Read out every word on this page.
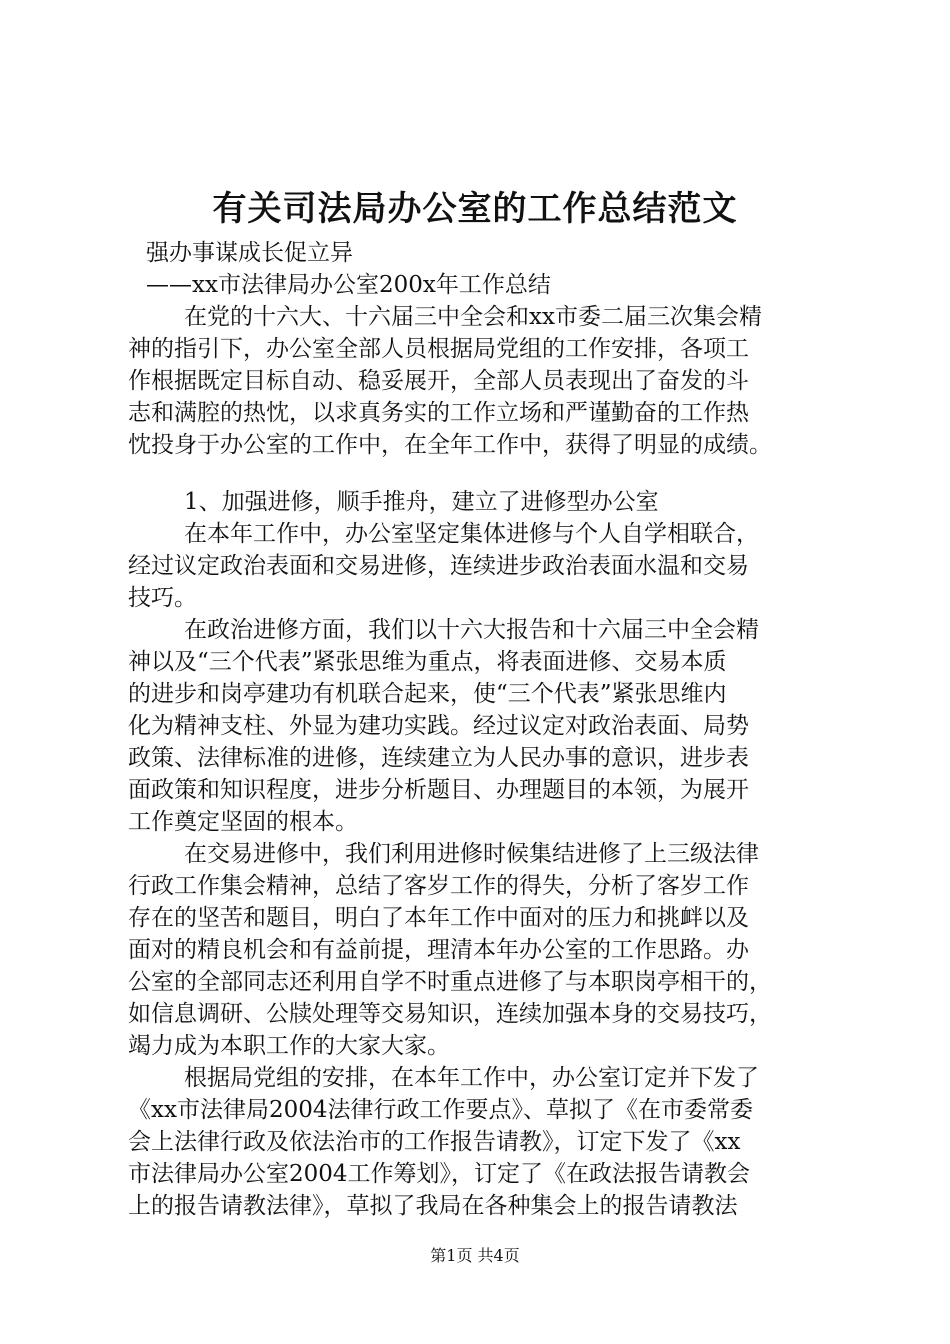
有关司法局办公室的工作总结范文
强办事谋成长促立异
——xx市法律局办公室200x年工作总结
在党的十六大、十六届三中全会和xx市委二届三次集会精
神的指引下，办公室全部人员根据局党组的工作安排，各项工
作根据既定目标自动、稳妥展开，全部人员表现出了奋发的斗
志和满腔的热忱，以求真务实的工作立场和严谨勤奋的工作热
忱投身于办公室的工作中，在全年工作中，获得了明显的成绩。
1、加强进修，顺手推舟，建立了进修型办公室
在本年工作中，办公室坚定集体进修与个人自学相联合，
经过议定政治表面和交易进修，连续进步政治表面水温和交易
技巧。
在政治进修方面，我们以十六大报告和十六届三中全会精
神以及“三个代表”紧张思维为重点，将表面进修、交易本质
的进步和岗亭建功有机联合起来，使“三个代表”紧张思维内
化为精神支柱、外显为建功实践。经过议定对政治表面、局势
政策、法律标准的进修，连续建立为人民办事的意识，进步表
面政策和知识程度，进步分析题目、办理题目的本领，为展开
工作奠定坚固的根本。
在交易进修中，我们利用进修时候集结进修了上三级法律
行政工作集会精神，总结了客岁工作的得失，分析了客岁工作
存在的坚苦和题目，明白了本年工作中面对的压力和挑衅以及
面对的精良机会和有益前提，理清本年办公室的工作思路。办
公室的全部同志还利用自学不时重点进修了与本职岗亭相干的，
如信息调研、公牍处理等交易知识，连续加强本身的交易技巧，
竭力成为本职工作的大家大家。
根据局党组的安排，在本年工作中，办公室订定并下发了
《xx市法律局2004法律行政工作要点》、草拟了《在市委常委
会上法律行政及依法治市的工作报告请教》，订定下发了《xx
市法律局办公室2004工作筹划》，订定了《在政法报告请教会
上的报告请教法律》，草拟了我局在各种集会上的报告请教法
第1页 共4页
